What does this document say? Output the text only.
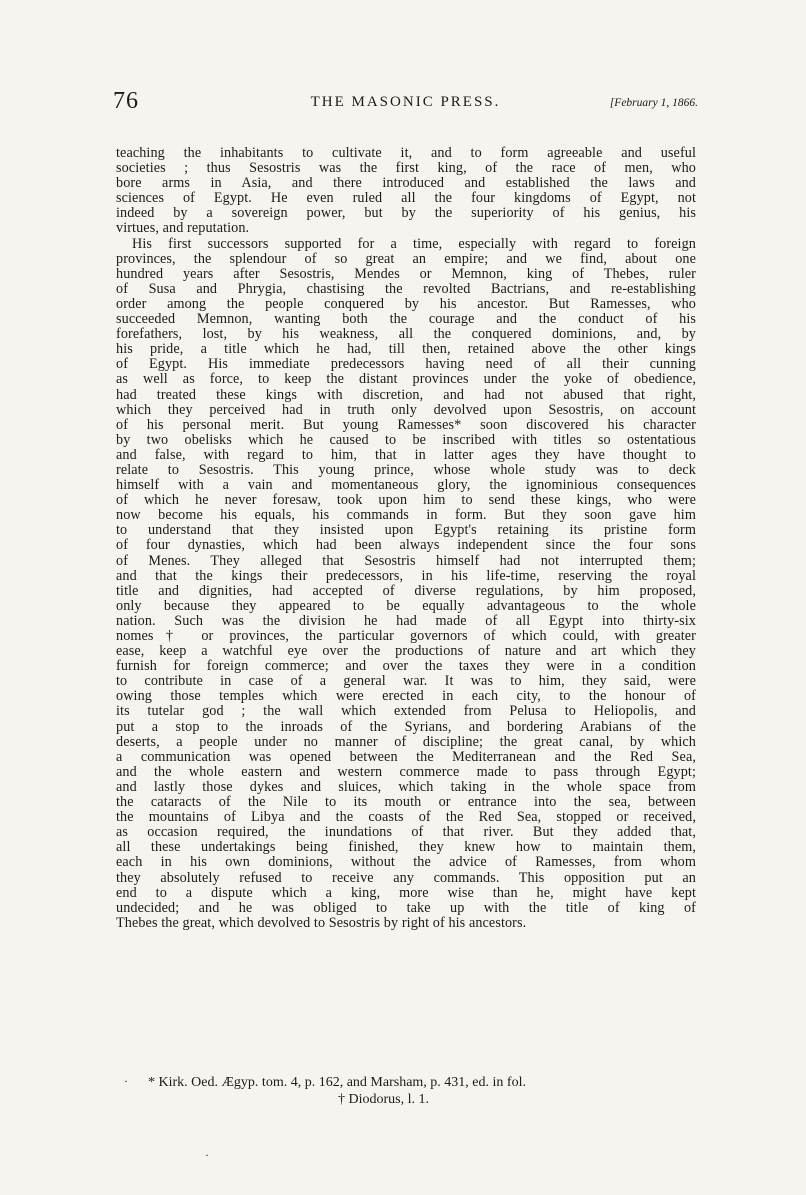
76	THE MASONIC PRESS.	[February 1, 1866.

teaching the inhabitants to cultivate it, and to form agreeable and useful
societies ; thus Sesostris was the first king, of the race of men, who
bore arms in Asia, and there introduced and established the laws and
sciences of Egypt. He even ruled all the four kingdoms of Egypt, not
indeed by a sovereign power, but by the superiority of his genius, his
virtues, and reputation.

His first successors supported for a time, especially with regard to foreign
provinces, the splendour of so great an empire; and we find, about one
hundred years after Sesostris, Mendes or Memnon, king of Thebes, ruler
of Susa and Phrygia, chastising the revolted Bactrians, and re-establishing
order among the people conquered by his ancestor. But Ramesses, who
succeeded Memnon, wanting both the courage and the conduct of his
forefathers, lost, by his weakness, all the conquered dominions, and, by
his pride, a title which he had, till then, retained above the other kings
of Egypt. His immediate predecessors having need of all their cunning
as well as force, to keep the distant provinces under the yoke of obedience,
had treated these kings with discretion, and had not abused that right,
which they perceived had in truth only devolved upon Sesostris, on account
of his personal merit. But young Ramesses* soon discovered his character
by two obelisks which he caused to be inscribed with titles so ostentatious
and false, with regard to him, that in latter ages they have thought to
relate to Sesostris. This young prince, whose whole study was to deck
himself with a vain and momentaneous glory, the ignominious consequences
of which he never foresaw, took upon him to send these kings, who were
now become his equals, his commands in form. But they soon gave him
to understand that they insisted upon Egypt's retaining its pristine form
of four dynasties, which had been always independent since the four sons
of Menes. They alleged that Sesostris himself had not interrupted them;
and that the kings their predecessors, in his life-time, reserving the royal
title and dignities, had accepted of diverse regulations, by him proposed,
only because they appeared to be equally advantageous to the whole
nation. Such was the division he had made of all Egypt into thirty-six
nomes† or provinces, the particular governors of which could, with greater
ease, keep a watchful eye over the productions of nature and art which they
furnish for foreign commerce; and over the taxes they were in a condition
to contribute in case of a general war. It was to him, they said, were
owing those temples which were erected in each city, to the honour of
its tutelar god ; the wall which extended from Pelusa to Heliopolis, and
put a stop to the inroads of the Syrians, and bordering Arabians of the
deserts, a people under no manner of discipline; the great canal, by which
a communication was opened between the Mediterranean and the Red Sea,
and the whole eastern and western commerce made to pass through Egypt;
and lastly those dykes and sluices, which taking in the whole space from
the cataracts of the Nile to its mouth or entrance into the sea, between
the mountains of Libya and the coasts of the Red Sea, stopped or received,
as occasion required, the inundations of that river. But they added that,
all these undertakings being finished, they knew how to maintain them,
each in his own dominions, without the advice of Ramesses, from whom
they absolutely refused to receive any commands. This opposition put an
end to a dispute which a king, more wise than he, might have kept
undecided; and he was obliged to take up with the title of king of
Thebes the great, which devolved to Sesostris by right of his ancestors.

· * Kirk. Oed. Ægyp. tom. 4, p. 162, and Marsham, p. 431, ed. in fol.
† Diodorus, l. 1.
·
